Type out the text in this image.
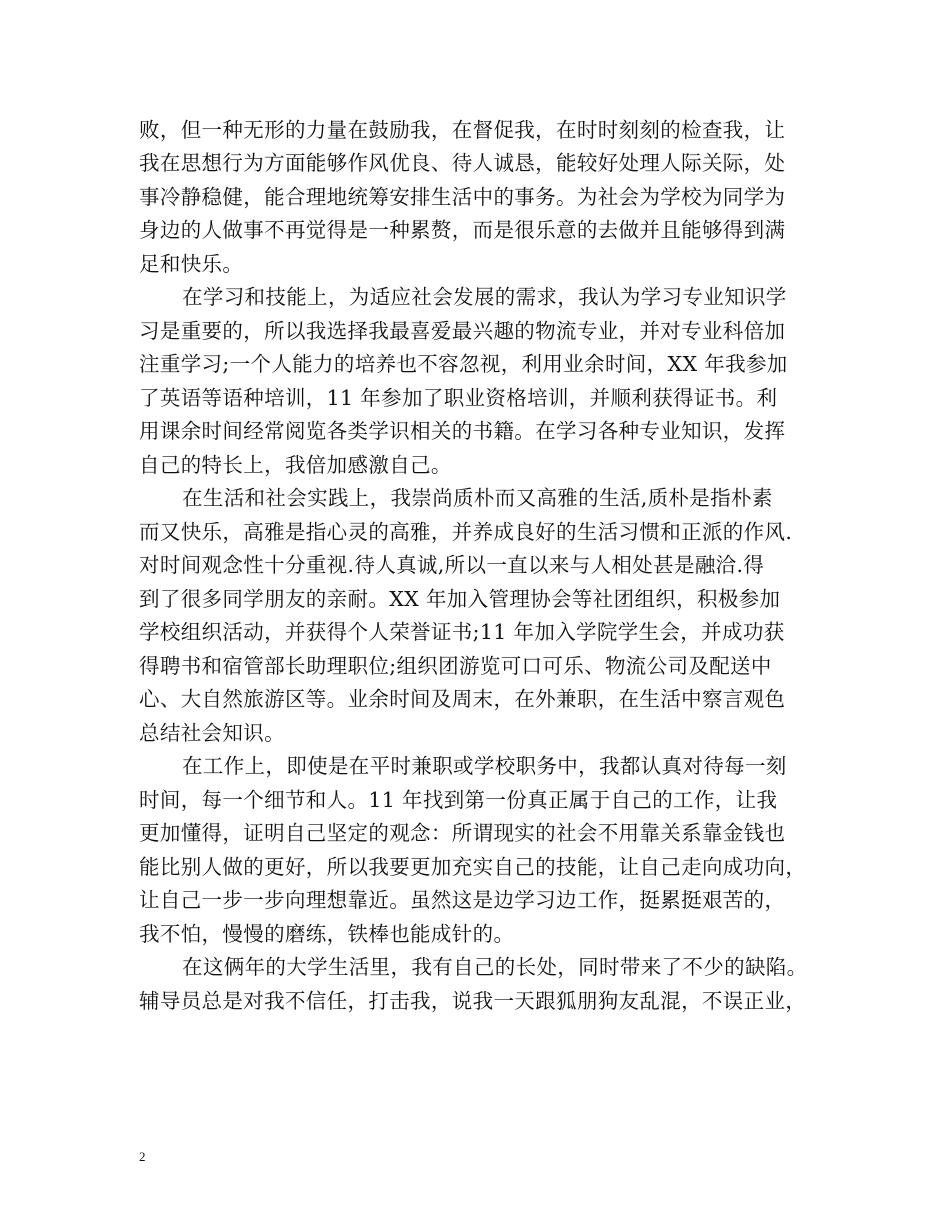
败，但一种无形的力量在鼓励我，在督促我，在时时刻刻的检查我，让
我在思想行为方面能够作风优良、待人诚恳，能较好处理人际关际，处
事冷静稳健，能合理地统筹安排生活中的事务。为社会为学校为同学为
身边的人做事不再觉得是一种累赘，而是很乐意的去做并且能够得到满
足和快乐。
在学习和技能上，为适应社会发展的需求，我认为学习专业知识学
习是重要的，所以我选择我最喜爱最兴趣的物流专业，并对专业科倍加
注重学习;一个人能力的培养也不容忽视，利用业余时间，XX 年我参加
了英语等语种培训，11 年参加了职业资格培训，并顺利获得证书。利
用课余时间经常阅览各类学识相关的书籍。在学习各种专业知识，发挥
自己的特长上，我倍加感激自己。
在生活和社会实践上，我崇尚质朴而又高雅的生活,质朴是指朴素
而又快乐，高雅是指心灵的高雅，并养成良好的生活习惯和正派的作风.
对时间观念性十分重视.待人真诚,所以一直以来与人相处甚是融洽.得
到了很多同学朋友的亲耐。XX 年加入管理协会等社团组织，积极参加
学校组织活动，并获得个人荣誉证书;11 年加入学院学生会，并成功获
得聘书和宿管部长助理职位;组织团游览可口可乐、物流公司及配送中
心、大自然旅游区等。业余时间及周末，在外兼职，在生活中察言观色
总结社会知识。
在工作上，即使是在平时兼职或学校职务中，我都认真对待每一刻
时间，每一个细节和人。11 年找到第一份真正属于自己的工作，让我
更加懂得，证明自己坚定的观念：所谓现实的社会不用靠关系靠金钱也
能比别人做的更好，所以我要更加充实自己的技能，让自己走向成功向，
让自己一步一步向理想靠近。虽然这是边学习边工作，挺累挺艰苦的，
我不怕，慢慢的磨练，铁棒也能成针的。
在这俩年的大学生活里，我有自己的长处，同时带来了不少的缺陷。
辅导员总是对我不信任，打击我，说我一天跟狐朋狗友乱混，不误正业，
2
